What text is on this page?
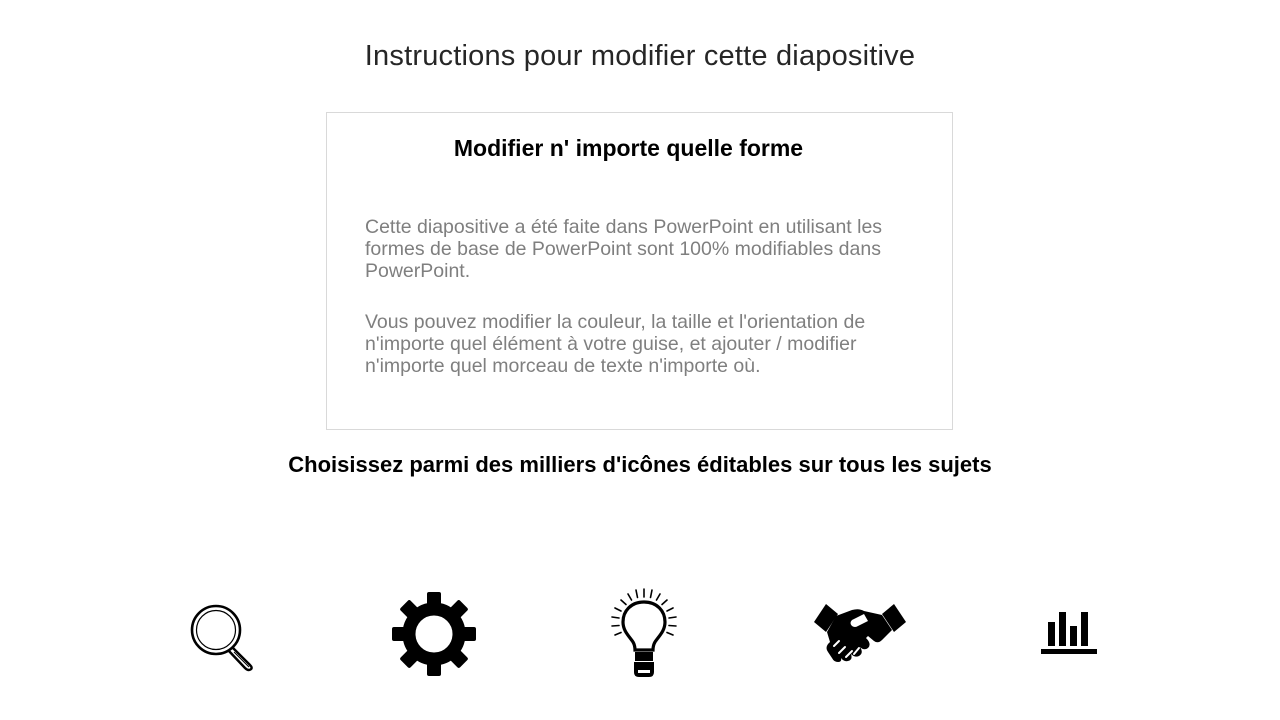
Instructions pour modifier cette diapositive
Modifier n' importe quelle forme
Cette diapositive a été faite dans PowerPoint en utilisant les formes de base de PowerPoint sont 100% modifiables dans PowerPoint.
Vous pouvez modifier la couleur, la taille et l'orientation de n'importe quel élément à votre guise, et ajouter / modifier n'importe quel morceau de texte n'importe où.
Choisissez parmi des milliers d'icônes éditables sur tous les sujets
